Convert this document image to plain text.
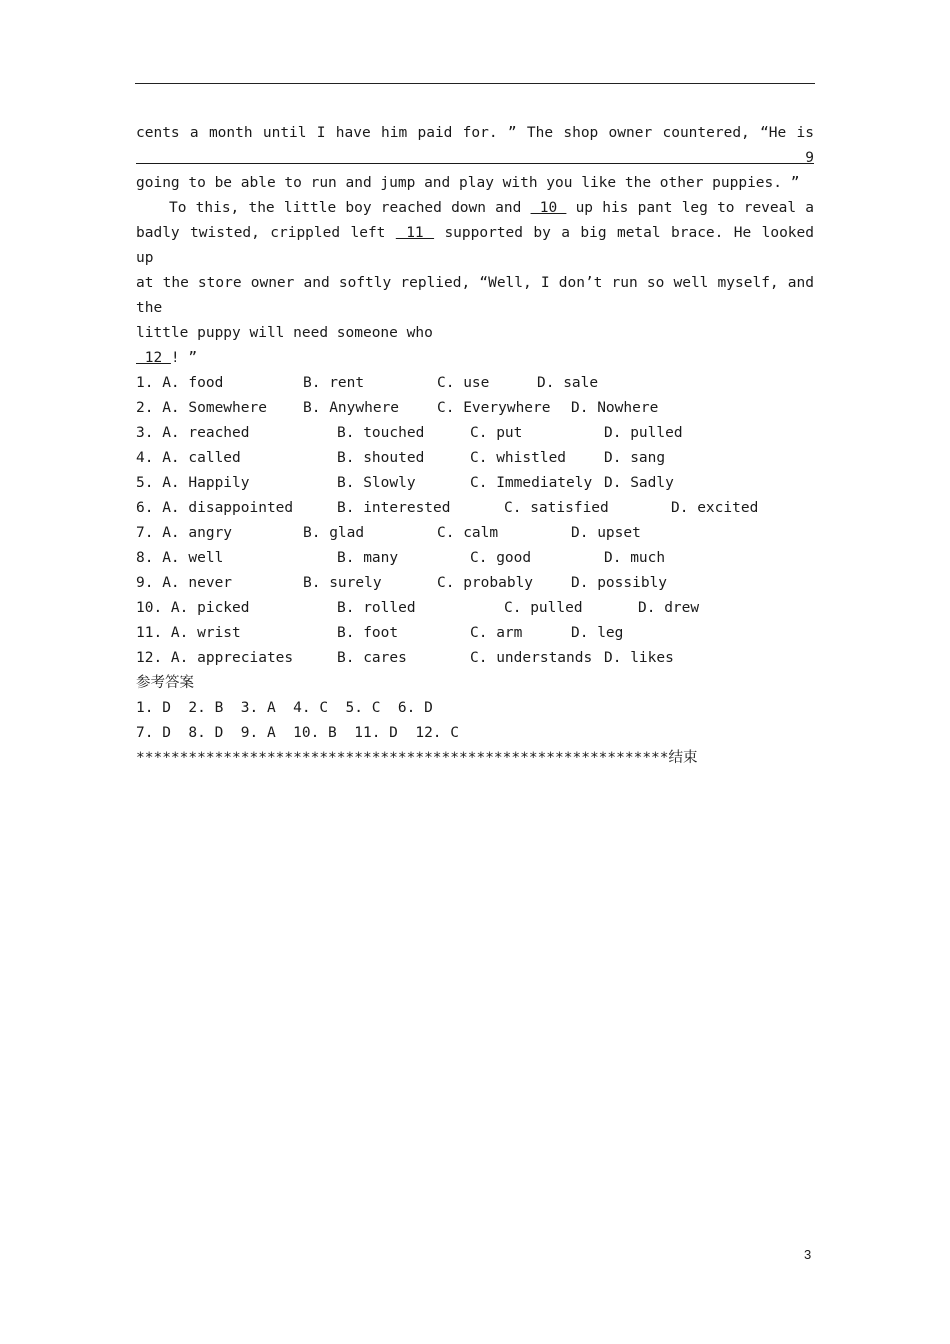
cents a month until I have him paid for. ” The shop owner countered, “He is  9

going to be able to run and jump and play with you like the other puppies. ”

To this, the little boy reached down and  10  up his pant leg to reveal a

badly twisted, crippled left  11  supported by a big metal brace. He looked up

at the store owner and softly replied, “Well, I don’t run so well myself, and the

little puppy will need someone who

12 ! ”

1. A. food	B. rent	C. use	D. sale
2. A. Somewhere B. Anywhere	C. Everywhere D. Nowhere
3. A. reached	B. touched	C. put	D. pulled
4. A. called	B. shouted	C. whistled	D. sang
5. A. Happily	B. Slowly	C. Immediately D. Sadly
6. A. disappointed	B. interested	C. satisfied	D. excited
7. A. angry	B. glad	C. calm	D. upset
8. A. well	B. many	C. good	D. much
9. A. never	B. surely	C. probably	D. possibly
10. A. picked	B. rolled	C. pulled	D. drew
11. A. wrist	B. foot	C. arm	D. leg
12. A. appreciates	B. cares	C. understands D. likes
参考答案
1. D  2. B  3. A  4. C  5. C  6. D
7. D  8. D  9. A  10. B  11. D  12. C
*************************************************************结束
3
